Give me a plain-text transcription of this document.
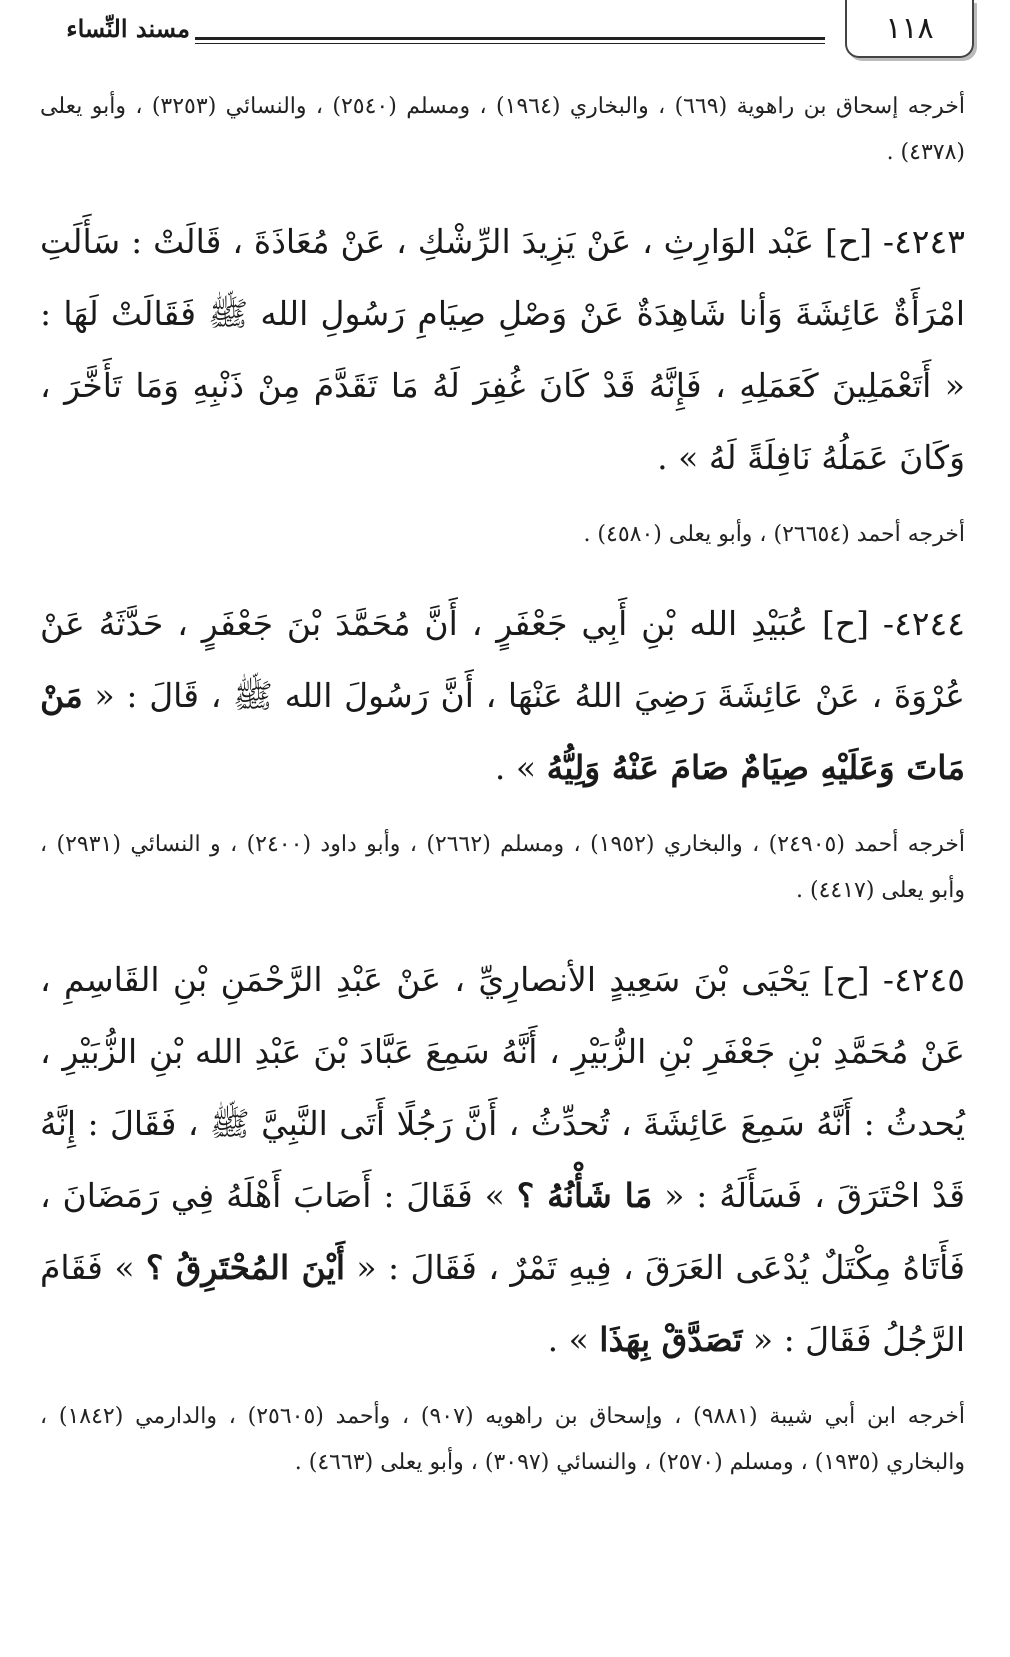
١١٨
مسند النِّساء

أخرجه إسحاق بن راهوية (٦٦٩) ، والبخاري (١٩٦٤) ، ومسلم (٢٥٤٠) ، والنسائي (٣٢٥٣) ، وأبو يعلى (٤٣٧٨) .

٤٢٤٣- [ح] عَبْد الوَارِثِ ، عَنْ يَزِيدَ الرِّشْكِ ، عَنْ مُعَاذَةَ ، قَالَتْ : سَأَلَتِ امْرَأَةٌ عَائِشَةَ وَأنا شَاهِدَةٌ عَنْ وَصْلِ صِيَامِ رَسُولِ الله ﷺ فَقَالَتْ لَهَا : « أَتَعْمَلِينَ كَعَمَلِهِ ، فَإِنَّهُ قَدْ كَانَ غُفِرَ لَهُ مَا تَقَدَّمَ مِنْ ذَنْبِهِ وَمَا تَأَخَّرَ ، وَكَانَ عَمَلُهُ نَافِلَةً لَهُ » .

أخرجه أحمد (٢٦٦٥٤) ، وأبو يعلى (٤٥٨٠) .

٤٢٤٤- [ح] عُبَيْدِ الله بْنِ أَبِي جَعْفَرٍ ، أَنَّ مُحَمَّدَ بْنَ جَعْفَرٍ ، حَدَّثَهُ عَنْ عُرْوَةَ ، عَنْ عَائِشَةَ رَضِيَ اللهُ عَنْهَا ، أَنَّ رَسُولَ الله ﷺ ، قَالَ : « مَنْ مَاتَ وَعَلَيْهِ صِيَامٌ صَامَ عَنْهُ وَلِيُّهُ » .

أخرجه أحمد (٢٤٩٠٥) ، والبخاري (١٩٥٢) ، ومسلم (٢٦٦٢) ، وأبو داود (٢٤٠٠) ، و النسائي (٢٩٣١) ، وأبو يعلى (٤٤١٧) .

٤٢٤٥- [ح] يَحْيَى بْنَ سَعِيدٍ الأنصارِيِّ ، عَنْ عَبْدِ الرَّحْمَنِ بْنِ القَاسِمِ ، عَنْ مُحَمَّدِ بْنِ جَعْفَرِ بْنِ الزُّبَيْرِ ، أَنَّهُ سَمِعَ عَبَّادَ بْنَ عَبْدِ الله بْنِ الزُّبَيْرِ ، يُحدثُ : أَنَّهُ سَمِعَ عَائِشَةَ ، تُحدِّثُ ، أَنَّ رَجُلًا أَتَى النَّبِيَّ ﷺ ، فَقَالَ : إِنَّهُ قَدْ احْتَرَقَ ، فَسَأَلَهُ : « مَا شَأْنُهُ ؟ » فَقَالَ : أَصَابَ أَهْلَهُ فِي رَمَضَانَ ، فَأَتَاهُ مِكْتَلٌ يُدْعَى العَرَقَ ، فِيهِ تَمْرٌ ، فَقَالَ : « أَيْنَ المُحْتَرِقُ ؟ » فَقَامَ الرَّجُلُ فَقَالَ : « تَصَدَّقْ بِهَذَا » .

أخرجه ابن أبي شيبة (٩٨٨١) ، وإسحاق بن راهويه (٩٠٧) ، وأحمد (٢٥٦٠٥) ، والدارمي (١٨٤٢) ، والبخاري (١٩٣٥) ، ومسلم (٢٥٧٠) ، والنسائي (٣٠٩٧) ، وأبو يعلى (٤٦٦٣) .
